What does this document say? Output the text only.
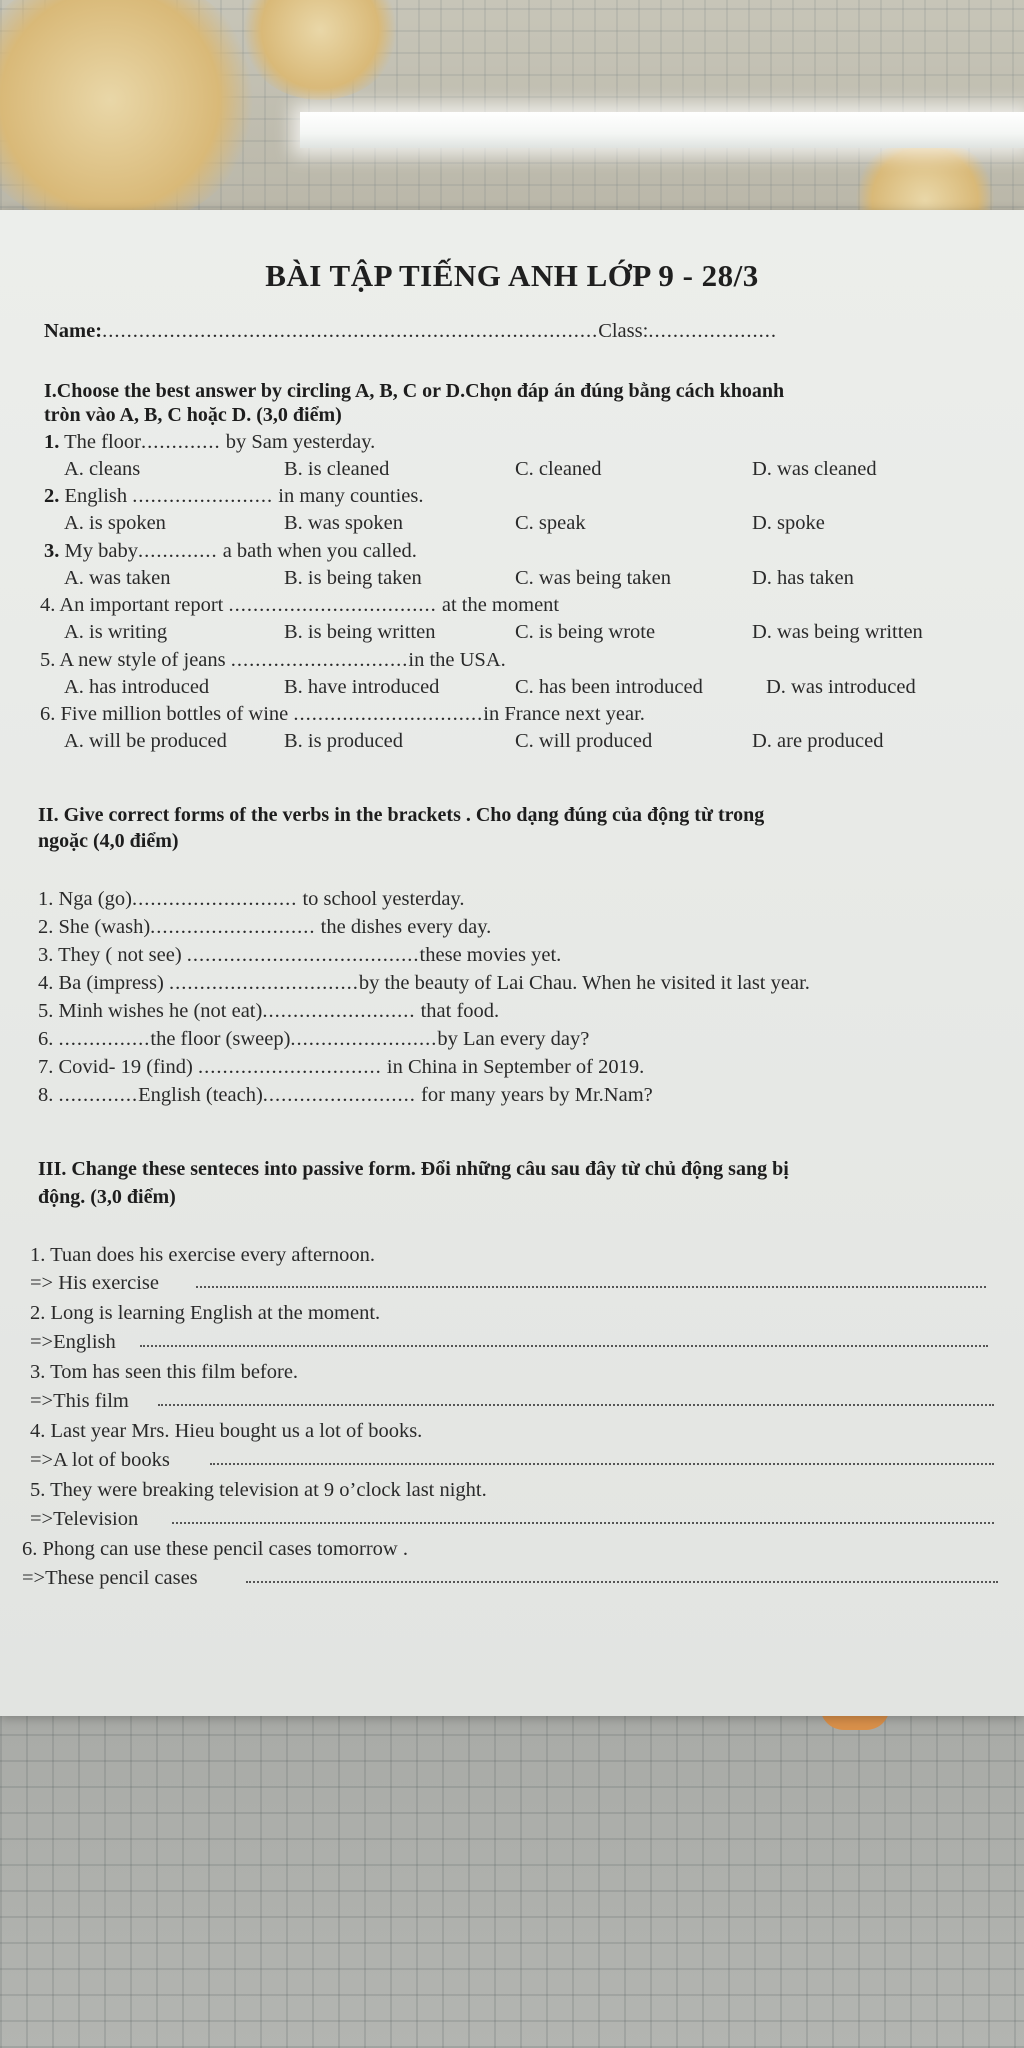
BÀI TẬP TIẾNG ANH LỚP 9 - 28/3
Name:.................................................................................Class:.....................
I.Choose the best answer by circling A, B, C or D.Chọn đáp án đúng bằng cách khoanh
tròn vào A, B, C hoặc D. (3,0 điểm)
1. The floor............. by Sam yesterday.
A. cleans	B. is cleaned	C. cleaned	D. was cleaned
2. English ....................... in many counties.
A. is spoken	B. was spoken	C. speak	D. spoke
3. My baby............. a bath when you called.
A. was taken	B. is being taken	C. was being taken	D. has taken
4. An important report .................................. at the moment
A. is writing	B. is being written	C. is being wrote	D. was being written
5. A new style of jeans .............................in the USA.
A. has introduced	B. have introduced	C. has been introduced	D. was introduced
6. Five million bottles of wine ...............................in France next year.
A. will be produced	B. is produced	C. will produced	D. are produced
II. Give correct forms of the verbs in the brackets . Cho dạng đúng của động từ trong
ngoặc (4,0 điểm)
1. Nga (go)........................... to school yesterday.
2. She (wash)........................... the dishes every day.
3. They ( not see) ......................................these movies yet.
4. Ba (impress) ...............................by the beauty of Lai Chau. When he visited it last year.
5. Minh wishes he (not eat)......................... that food.
6. ...............the floor (sweep)........................by Lan every day?
7. Covid- 19 (find) .............................. in China in September of 2019.
8. .............English (teach)......................... for many years by Mr.Nam?
III. Change these senteces into passive form. Đổi những câu sau đây từ chủ động sang bị
động. (3,0 điểm)
1. Tuan does his exercise every afternoon.
=> His exercise
2. Long is learning English at the moment.
=>English
3. Tom has seen this film before.
=>This film
4. Last year Mrs. Hieu bought us a lot of books.
=>A lot of books
5. They were breaking television at 9 o’clock last night.
=>Television
6. Phong can use these pencil cases tomorrow .
=>These pencil cases
